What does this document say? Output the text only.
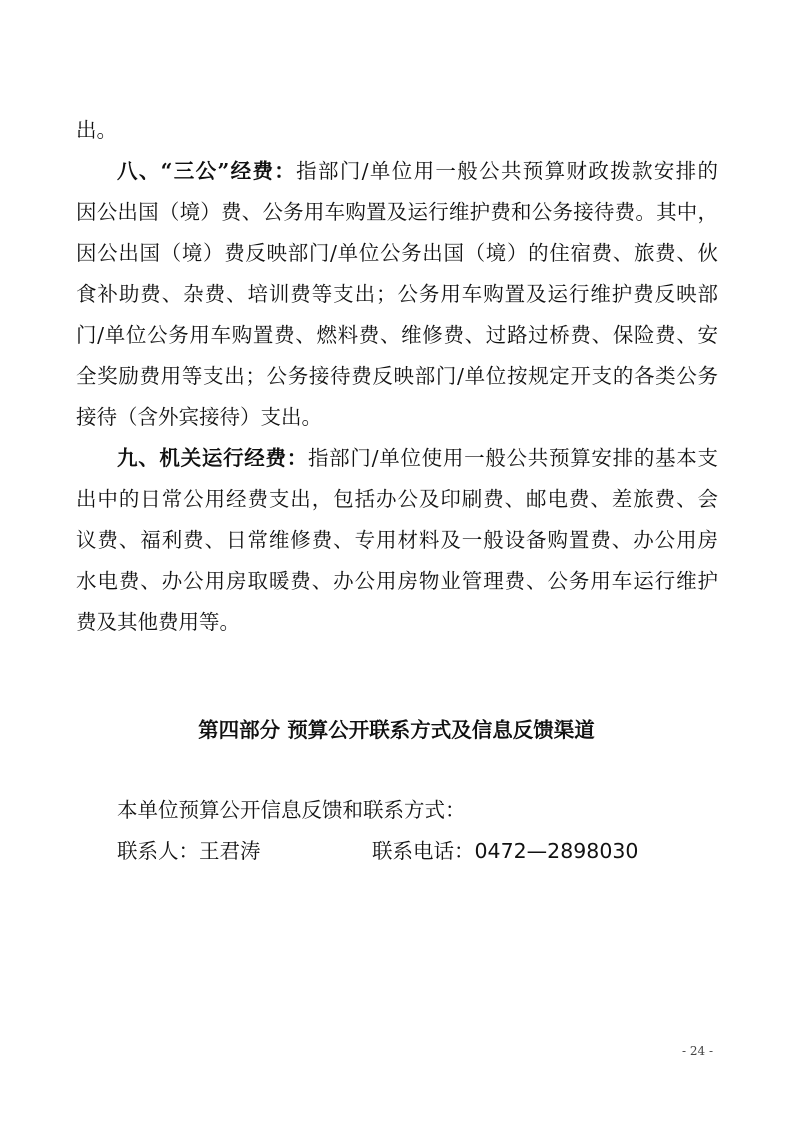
出。
八、“三公”经费：指部门/单位用一般公共预算财政拨款安排的
因公出国（境）费、公务用车购置及运行维护费和公务接待费。其中，
因公出国（境）费反映部门/单位公务出国（境）的住宿费、旅费、伙
食补助费、杂费、培训费等支出；公务用车购置及运行维护费反映部
门/单位公务用车购置费、燃料费、维修费、过路过桥费、保险费、安
全奖励费用等支出；公务接待费反映部门/单位按规定开支的各类公务
接待（含外宾接待）支出。
九、机关运行经费：指部门/单位使用一般公共预算安排的基本支
出中的日常公用经费支出，包括办公及印刷费、邮电费、差旅费、会
议费、福利费、日常维修费、专用材料及一般设备购置费、办公用房
水电费、办公用房取暖费、办公用房物业管理费、公务用车运行维护
费及其他费用等。
第四部分 预算公开联系方式及信息反馈渠道
本单位预算公开信息反馈和联系方式：
联系人：王君涛	联系电话：0472—2898030
- 24 -
